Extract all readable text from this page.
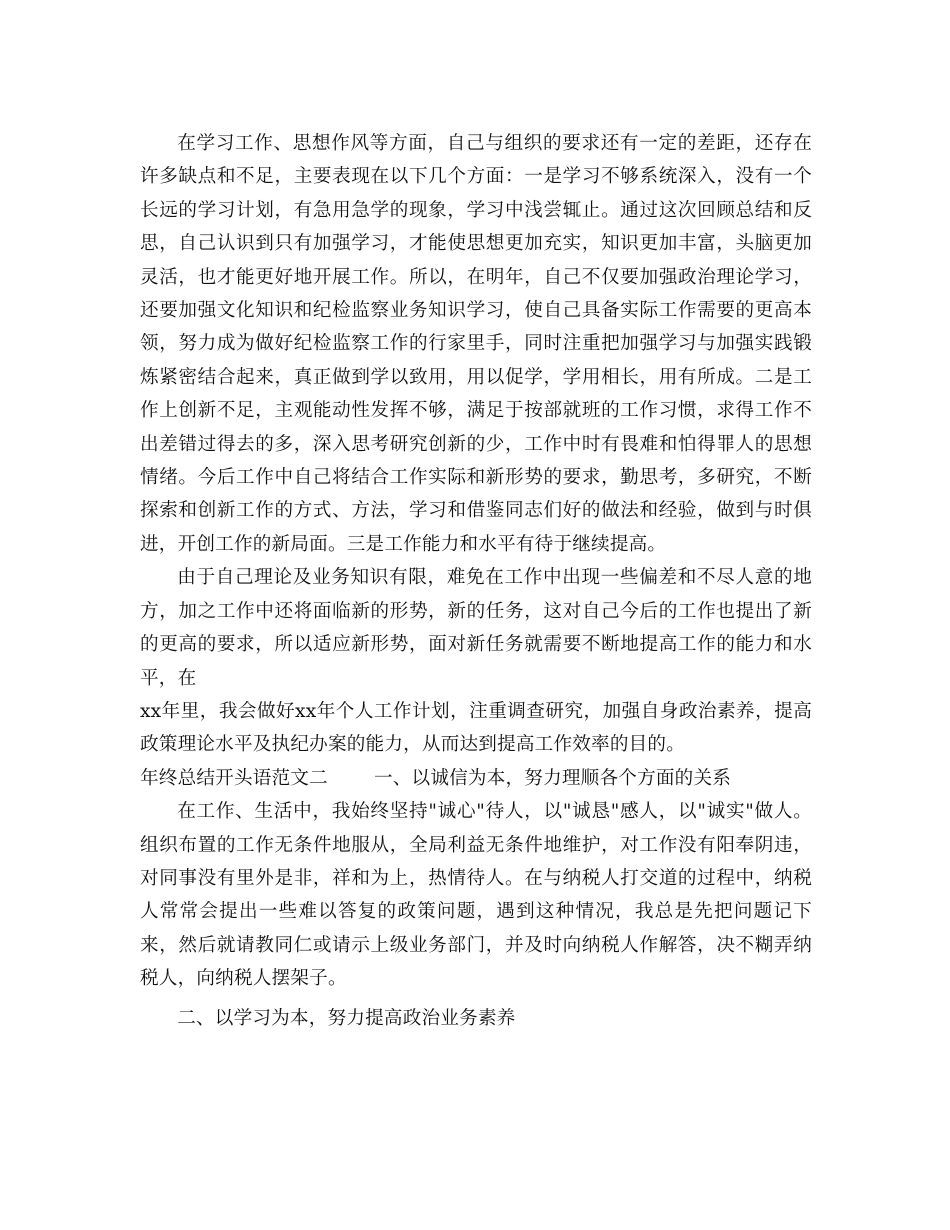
在学习工作、思想作风等方面，自己与组织的要求还有一定的差距，还存在许多缺点和不足，主要表现在以下几个方面：一是学习不够系统深入，没有一个长远的学习计划，有急用急学的现象，学习中浅尝辄止。通过这次回顾总结和反思，自己认识到只有加强学习，才能使思想更加充实，知识更加丰富，头脑更加灵活，也才能更好地开展工作。所以，在明年，自己不仅要加强政治理论学习，还要加强文化知识和纪检监察业务知识学习，使自己具备实际工作需要的更高本领，努力成为做好纪检监察工作的行家里手，同时注重把加强学习与加强实践锻炼紧密结合起来，真正做到学以致用，用以促学，学用相长，用有所成。二是工作上创新不足，主观能动性发挥不够，满足于按部就班的工作习惯，求得工作不出差错过得去的多，深入思考研究创新的少，工作中时有畏难和怕得罪人的思想情绪。今后工作中自己将结合工作实际和新形势的要求，勤思考，多研究，不断探索和创新工作的方式、方法，学习和借鉴同志们好的做法和经验，做到与时俱进，开创工作的新局面。三是工作能力和水平有待于继续提高。

由于自己理论及业务知识有限，难免在工作中出现一些偏差和不尽人意的地方，加之工作中还将面临新的形势，新的任务，这对自己今后的工作也提出了新的更高的要求，所以适应新形势，面对新任务就需要不断地提高工作的能力和水平，在

xx年里，我会做好xx年个人工作计划，注重调查研究，加强自身政治素养，提高政策理论水平及执纪办案的能力，从而达到提高工作效率的目的。

年终总结开头语范文二 一、以诚信为本，努力理顺各个方面的关系

在工作、生活中，我始终坚持"诚心"待人，以"诚恳"感人，以"诚实"做人。组织布置的工作无条件地服从，全局利益无条件地维护，对工作没有阳奉阴违，对同事没有里外是非，祥和为上，热情待人。在与纳税人打交道的过程中，纳税人常常会提出一些难以答复的政策问题，遇到这种情况，我总是先把问题记下来，然后就请教同仁或请示上级业务部门，并及时向纳税人作解答，决不糊弄纳税人，向纳税人摆架子。

二、以学习为本，努力提高政治业务素养
